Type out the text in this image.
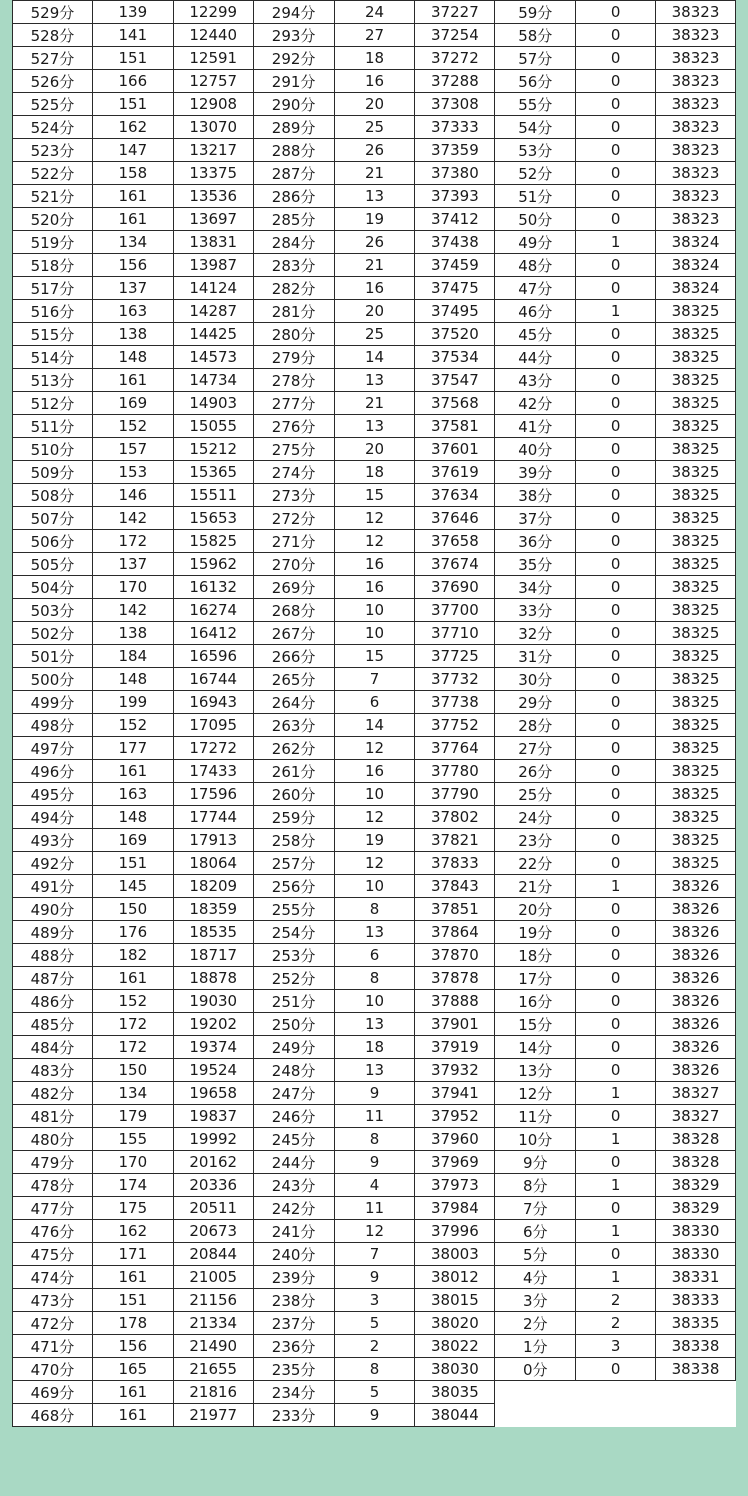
529分	139	12299	294分	24	37227	59分	0	38323
528分	141	12440	293分	27	37254	58分	0	38323
527分	151	12591	292分	18	37272	57分	0	38323
526分	166	12757	291分	16	37288	56分	0	38323
525分	151	12908	290分	20	37308	55分	0	38323
524分	162	13070	289分	25	37333	54分	0	38323
523分	147	13217	288分	26	37359	53分	0	38323
522分	158	13375	287分	21	37380	52分	0	38323
521分	161	13536	286分	13	37393	51分	0	38323
520分	161	13697	285分	19	37412	50分	0	38323
519分	134	13831	284分	26	37438	49分	1	38324
518分	156	13987	283分	21	37459	48分	0	38324
517分	137	14124	282分	16	37475	47分	0	38324
516分	163	14287	281分	20	37495	46分	1	38325
515分	138	14425	280分	25	37520	45分	0	38325
514分	148	14573	279分	14	37534	44分	0	38325
513分	161	14734	278分	13	37547	43分	0	38325
512分	169	14903	277分	21	37568	42分	0	38325
511分	152	15055	276分	13	37581	41分	0	38325
510分	157	15212	275分	20	37601	40分	0	38325
509分	153	15365	274分	18	37619	39分	0	38325
508分	146	15511	273分	15	37634	38分	0	38325
507分	142	15653	272分	12	37646	37分	0	38325
506分	172	15825	271分	12	37658	36分	0	38325
505分	137	15962	270分	16	37674	35分	0	38325
504分	170	16132	269分	16	37690	34分	0	38325
503分	142	16274	268分	10	37700	33分	0	38325
502分	138	16412	267分	10	37710	32分	0	38325
501分	184	16596	266分	15	37725	31分	0	38325
500分	148	16744	265分	7	37732	30分	0	38325
499分	199	16943	264分	6	37738	29分	0	38325
498分	152	17095	263分	14	37752	28分	0	38325
497分	177	17272	262分	12	37764	27分	0	38325
496分	161	17433	261分	16	37780	26分	0	38325
495分	163	17596	260分	10	37790	25分	0	38325
494分	148	17744	259分	12	37802	24分	0	38325
493分	169	17913	258分	19	37821	23分	0	38325
492分	151	18064	257分	12	37833	22分	0	38325
491分	145	18209	256分	10	37843	21分	1	38326
490分	150	18359	255分	8	37851	20分	0	38326
489分	176	18535	254分	13	37864	19分	0	38326
488分	182	18717	253分	6	37870	18分	0	38326
487分	161	18878	252分	8	37878	17分	0	38326
486分	152	19030	251分	10	37888	16分	0	38326
485分	172	19202	250分	13	37901	15分	0	38326
484分	172	19374	249分	18	37919	14分	0	38326
483分	150	19524	248分	13	37932	13分	0	38326
482分	134	19658	247分	9	37941	12分	1	38327
481分	179	19837	246分	11	37952	11分	0	38327
480分	155	19992	245分	8	37960	10分	1	38328
479分	170	20162	244分	9	37969	9分	0	38328
478分	174	20336	243分	4	37973	8分	1	38329
477分	175	20511	242分	11	37984	7分	0	38329
476分	162	20673	241分	12	37996	6分	1	38330
475分	171	20844	240分	7	38003	5分	0	38330
474分	161	21005	239分	9	38012	4分	1	38331
473分	151	21156	238分	3	38015	3分	2	38333
472分	178	21334	237分	5	38020	2分	2	38335
471分	156	21490	236分	2	38022	1分	3	38338
470分	165	21655	235分	8	38030	0分	0	38338
469分	161	21816	234分	5	38035			
468分	161	21977	233分	9	38044			
